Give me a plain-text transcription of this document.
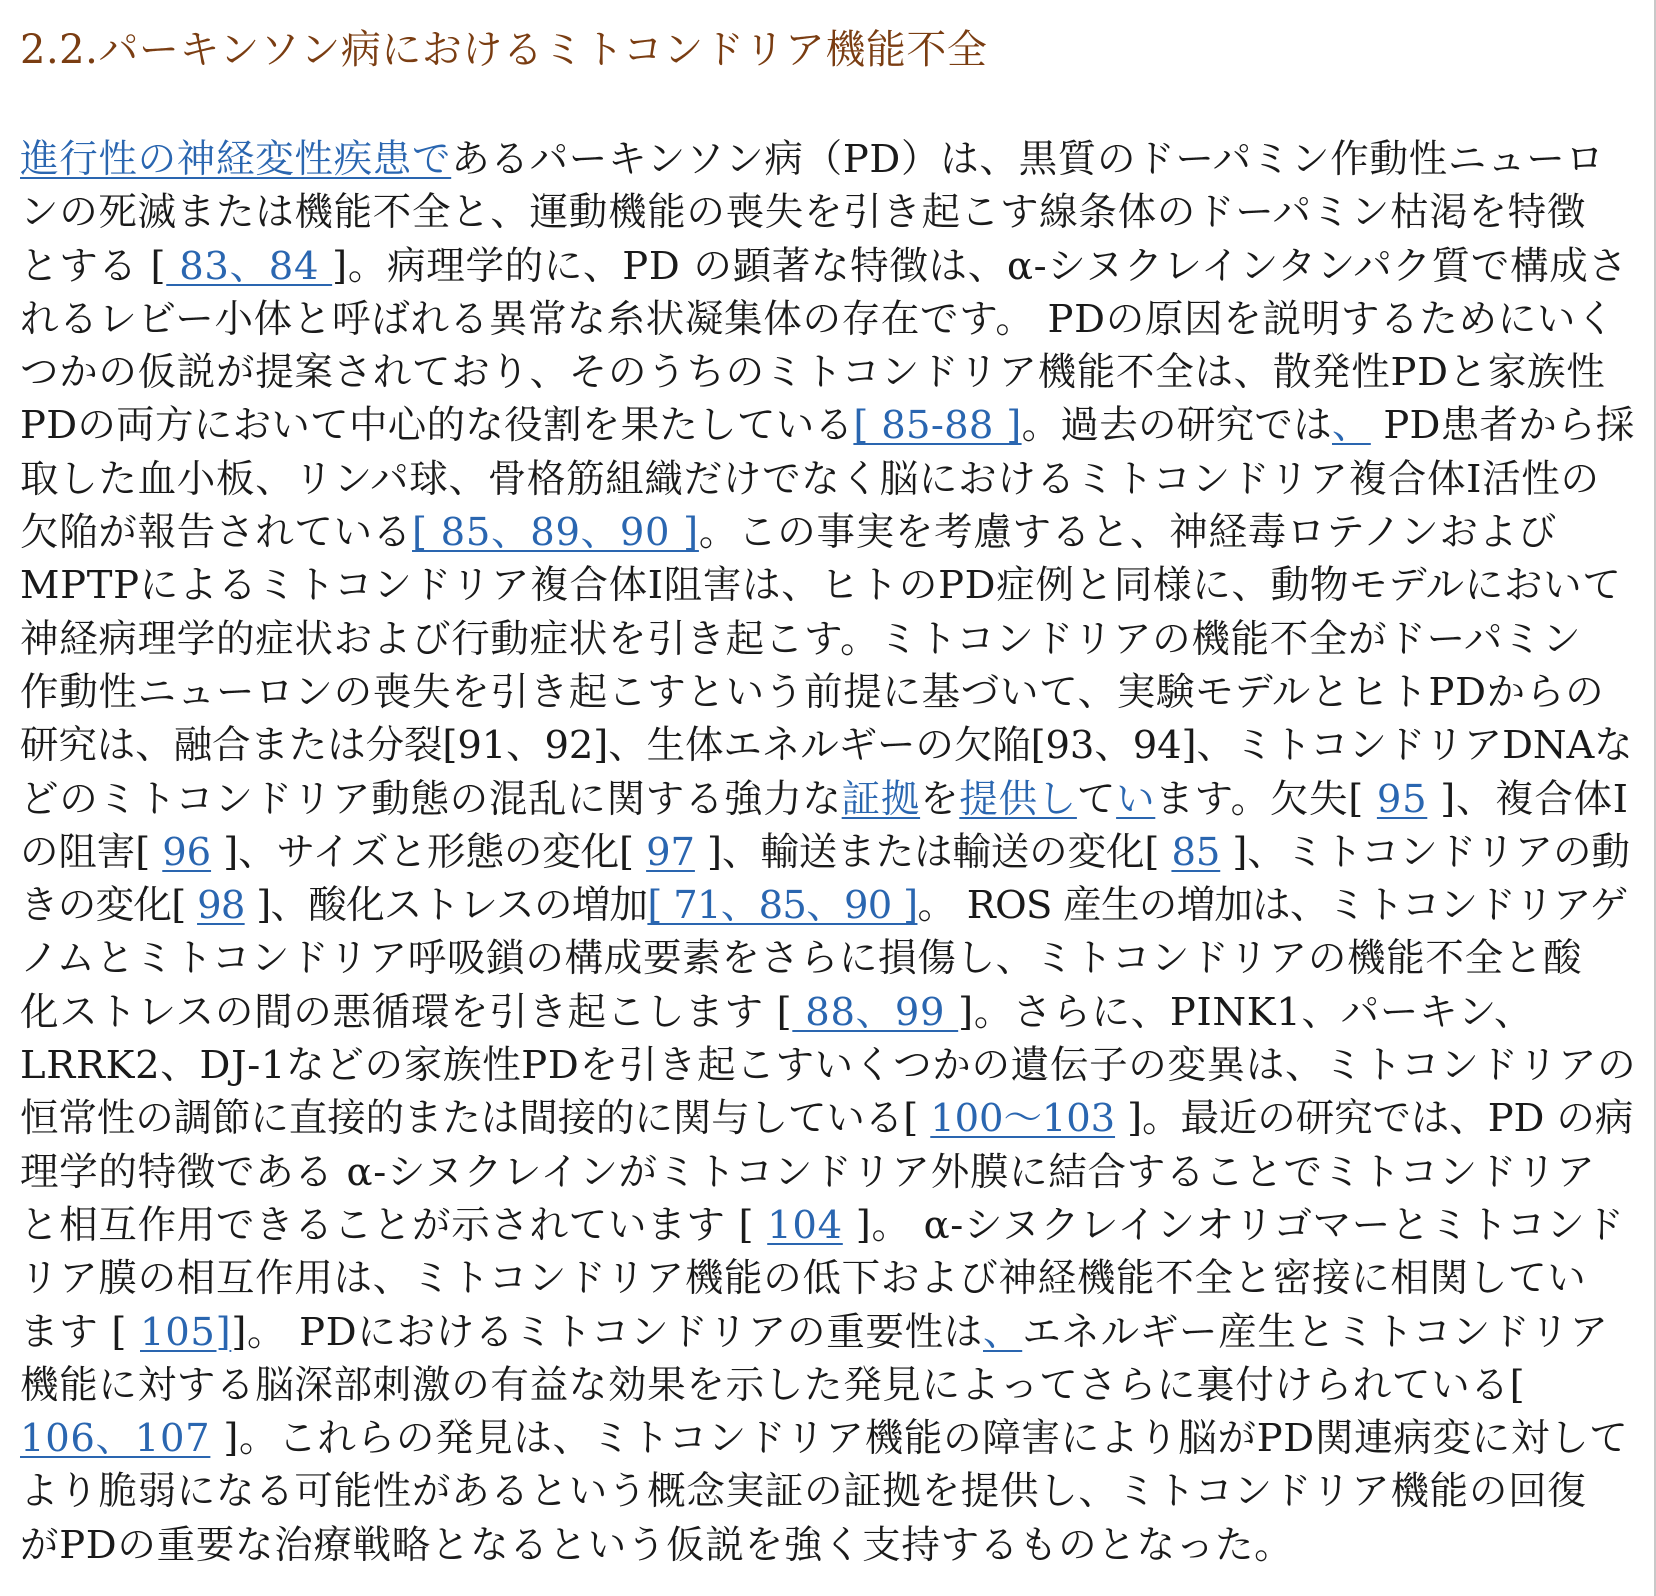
2.2.パーキンソン病におけるミトコンドリア機能不全
進行性の神経変性疾患であるパーキンソン病（PD）は、黒質のドーパミン作動性ニューロ
ンの死滅または機能不全と、運動機能の喪失を引き起こす線条体のドーパミン枯渇を特徴
とする [ 83、84 ]。病理学的に、PD の顕著な特徴は、α-シヌクレインタンパク質で構成さ
れるレビー小体と呼ばれる異常な糸状凝集体の存在です。 PDの原因を説明するためにいく
つかの仮説が提案されており、そのうちのミトコンドリア機能不全は、散発性PDと家族性
PDの両方において中心的な役割を果たしている[ 85-88 ]。過去の研究では、 PD患者から採
取した血小板、リンパ球、骨格筋組織だけでなく脳におけるミトコンドリア複合体I活性の
欠陥が報告されている[ 85、89、90 ]。この事実を考慮すると、神経毒ロテノンおよび
MPTPによるミトコンドリア複合体I阻害は、ヒトのPD症例と同様に、動物モデルにおいて
神経病理学的症状および行動症状を引き起こす。ミトコンドリアの機能不全がドーパミン
作動性ニューロンの喪失を引き起こすという前提に基づいて、実験モデルとヒトPDからの
研究は、融合または分裂[91、92]、生体エネルギーの欠陥[93、94]、ミトコンドリアDNAな
どのミトコンドリア動態の混乱に関する強力な証拠を提供しています。欠失[ 95 ]、複合体I
の阻害[ 96 ]、サイズと形態の変化[ 97 ]、輸送または輸送の変化[ 85 ]、ミトコンドリアの動
きの変化[ 98 ]、酸化ストレスの増加[ 71、85、90 ]。 ROS 産生の増加は、ミトコンドリアゲ
ノムとミトコンドリア呼吸鎖の構成要素をさらに損傷し、ミトコンドリアの機能不全と酸
化ストレスの間の悪循環を引き起こします [ 88、99 ]。さらに、PINK1、パーキン、
LRRK2、DJ-1などの家族性PDを引き起こすいくつかの遺伝子の変異は、ミトコンドリアの
恒常性の調節に直接的または間接的に関与している[ 100〜103 ]。最近の研究では、PD の病
理学的特徴である α-シヌクレインがミトコンドリア外膜に結合することでミトコンドリア
と相互作用できることが示されています [ 104 ]。 α-シヌクレインオリゴマーとミトコンド
リア膜の相互作用は、ミトコンドリア機能の低下および神経機能不全と密接に相関してい
ます [ 105]]。 PDにおけるミトコンドリアの重要性は、エネルギー産生とミトコンドリア
機能に対する脳深部刺激の有益な効果を示した発見によってさらに裏付けられている[
106、107 ]。これらの発見は、ミトコンドリア機能の障害により脳がPD関連病変に対して
より脆弱になる可能性があるという概念実証の証拠を提供し、ミトコンドリア機能の回復
がPDの重要な治療戦略となるという仮説を強く支持するものとなった。
